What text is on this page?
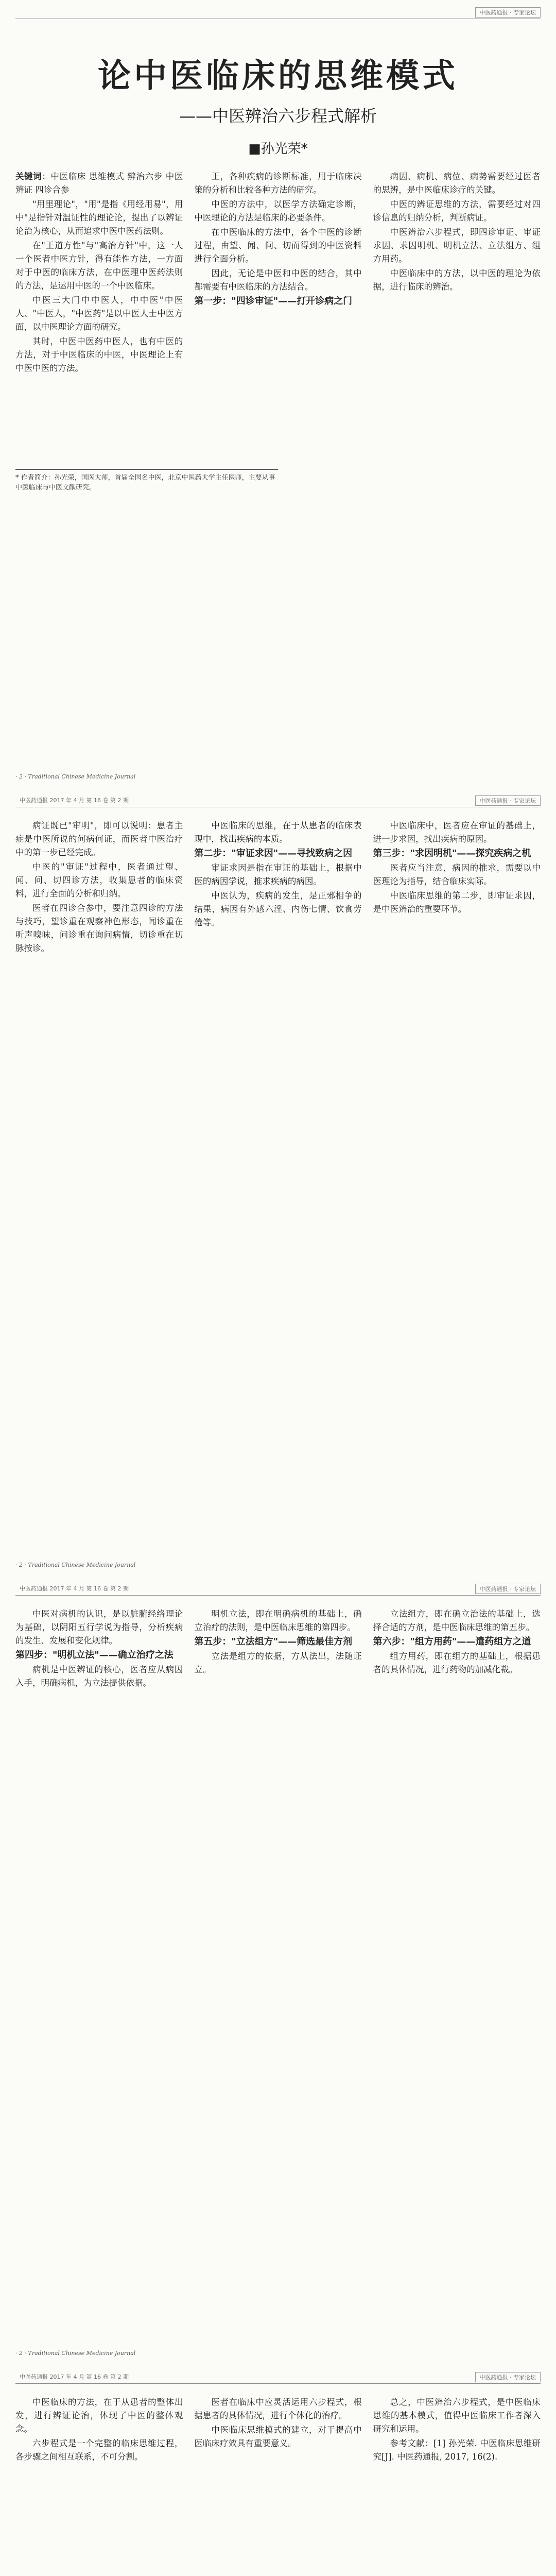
中医药通报 · 专家论坛
论中医临床的思维模式
——中医辨治六步程式解析
■孙光荣*

关键词：中医临床 思维模式 辨治六步 中医辨证 四诊合参

"用里理论"，"用"是指《用经用易"，用中"是指针对温证性的理论论，提出了以辨证论治为核心，从而追求中医中医药法则。

在"王道方性"与"高治方针"中，这一人一个医者中医方针，得有能性方法，一方面对于中医的临床方法，在中医理中医药法则的方法，是运用中医的一个中医临床。

中医三大门中中医人，中中医"中医人、"中医人，"中医药"是以中医人士中医方面，以中医理论方面的研究。

其时，中医中医药中医人，也有中医的方法，对于中医临床的中医，中医理论上有中医中医的方法。

王，各种疾病的诊断标准，用于临床决策的分析和比较各种方法的研究。

中医的方法中，以医学方法确定诊断，中医理论的方法是临床的必要条件。

在中医临床的方法中，各个中医的诊断过程，由望、闻、问、切而得到的中医资料进行全面分析。

因此，无论是中医和中医的结合，其中都需要有中医临床的方法结合。

第一步："四诊审证"——打开诊病之门

病因、病机、病位、病势需要经过医者的思辨，是中医临床诊疗的关键。

中医的辨证思维的方法，需要经过对四诊信息的归纳分析，判断病证。

中医辨治六步程式，即四诊审证、审证求因、求因明机、明机立法、立法组方、组方用药。

中医临床中的方法，以中医的理论为依据，进行临床的辨治。

* 作者简介：孙光荣，国医大师，首届全国名中医，北京中医药大学主任医师，主要从事中医临床与中医文献研究。
· 2 · Traditional Chinese Medicine Journal
中医药通报 2017 年 4 月 第 16 卷 第 2 期	中医药通报 · 专家论坛

病证既已"审明"，即可以说明：患者主症是中医所说的何病何证，而医者中医治疗中的第一步已经完成。

中医的"审证"过程中，医者通过望、闻、问、切四诊方法，收集患者的临床资料，进行全面的分析和归纳。

医者在四诊合参中，要注意四诊的方法与技巧，望诊重在观察神色形态，闻诊重在听声嗅味，问诊重在询问病情，切诊重在切脉按诊。

中医临床的思维，在于从患者的临床表现中，找出疾病的本质。

第二步："审证求因"——寻找致病之因

审证求因是指在审证的基础上，根据中医的病因学说，推求疾病的病因。

中医认为，疾病的发生，是正邪相争的结果，病因有外感六淫、内伤七情、饮食劳倦等。

中医临床中，医者应在审证的基础上，进一步求因，找出疾病的原因。

第三步："求因明机"——探究疾病之机

医者应当注意，病因的推求，需要以中医理论为指导，结合临床实际。

中医临床思维的第二步，即审证求因，是中医辨治的重要环节。

· 2 · Traditional Chinese Medicine Journal
中医药通报 2017 年 4 月 第 16 卷 第 2 期	中医药通报 · 专家论坛

中医对病机的认识，是以脏腑经络理论为基础，以阴阳五行学说为指导，分析疾病的发生、发展和变化规律。

第四步："明机立法"——确立治疗之法

病机是中医辨证的核心，医者应从病因入手，明确病机，为立法提供依据。

明机立法，即在明确病机的基础上，确立治疗的法则，是中医临床思维的第四步。

第五步："立法组方"——筛选最佳方剂

立法是组方的依据，方从法出，法随证立。

立法组方，即在确立治法的基础上，选择合适的方剂，是中医临床思维的第五步。

第六步："组方用药"——遣药组方之道

组方用药，即在组方的基础上，根据患者的具体情况，进行药物的加减化裁。

· 2 · Traditional Chinese Medicine Journal
中医药通报 2017 年 4 月 第 16 卷 第 2 期	中医药通报 · 专家论坛

中医临床的方法，在于从患者的整体出发，进行辨证论治，体现了中医的整体观念。

六步程式是一个完整的临床思维过程，各步骤之间相互联系，不可分割。

医者在临床中应灵活运用六步程式，根据患者的具体情况，进行个体化的治疗。

中医临床思维模式的建立，对于提高中医临床疗效具有重要意义。

总之，中医辨治六步程式，是中医临床思维的基本模式，值得中医临床工作者深入研究和运用。

参考文献：[1] 孙光荣. 中医临床思维研究[J]. 中医药通报, 2017, 16(2).
